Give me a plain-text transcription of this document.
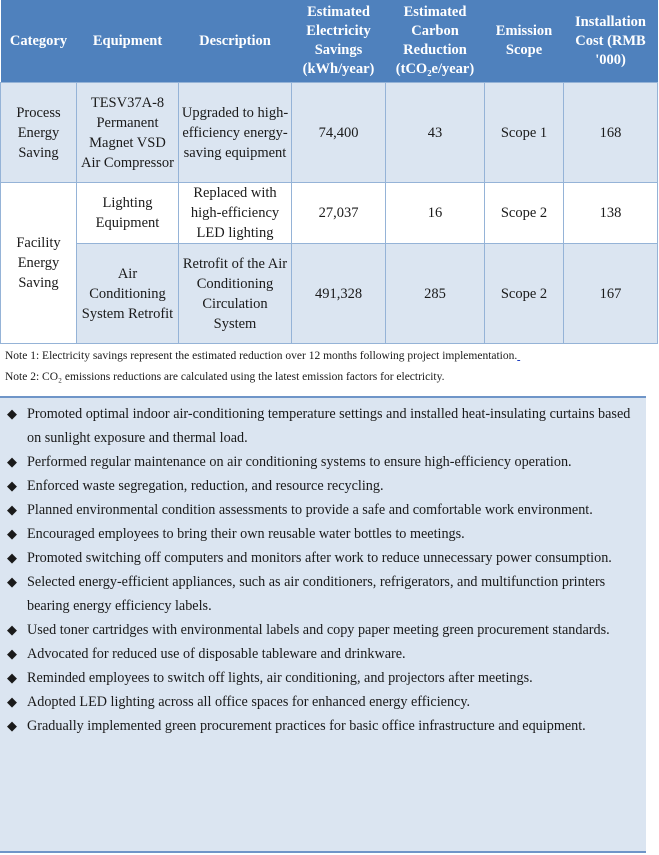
Category	Equipment	Description	Estimated Electricity Savings (kWh/year)	Estimated Carbon Reduction (tCO₂e/year)	Emission Scope	Installation Cost (RMB '000)
Process Energy Saving	TESV37A-8 Permanent Magnet VSD Air Compressor	Upgraded to high-efficiency energy-saving equipment	74,400	43	Scope 1	168
Facility Energy Saving	Lighting Equipment	Replaced with high-efficiency LED lighting	27,037	16	Scope 2	138
	Air Conditioning System Retrofit	Retrofit of the Air Conditioning Circulation System	491,328	285	Scope 2	167
Note 1: Electricity savings represent the estimated reduction over 12 months following project implementation.
Note 2: CO₂ emissions reductions are calculated using the latest emission factors for electricity.
◆ Promoted optimal indoor air-conditioning temperature settings and installed heat-insulating curtains based on sunlight exposure and thermal load.
◆ Performed regular maintenance on air conditioning systems to ensure high-efficiency operation.
◆ Enforced waste segregation, reduction, and resource recycling.
◆ Planned environmental condition assessments to provide a safe and comfortable work environment.
◆ Encouraged employees to bring their own reusable water bottles to meetings.
◆ Promoted switching off computers and monitors after work to reduce unnecessary power consumption.
◆ Selected energy-efficient appliances, such as air conditioners, refrigerators, and multifunction printers bearing energy efficiency labels.
◆ Used toner cartridges with environmental labels and copy paper meeting green procurement standards.
◆ Advocated for reduced use of disposable tableware and drinkware.
◆ Reminded employees to switch off lights, air conditioning, and projectors after meetings.
◆ Adopted LED lighting across all office spaces for enhanced energy efficiency.
◆ Gradually implemented green procurement practices for basic office infrastructure and equipment.
